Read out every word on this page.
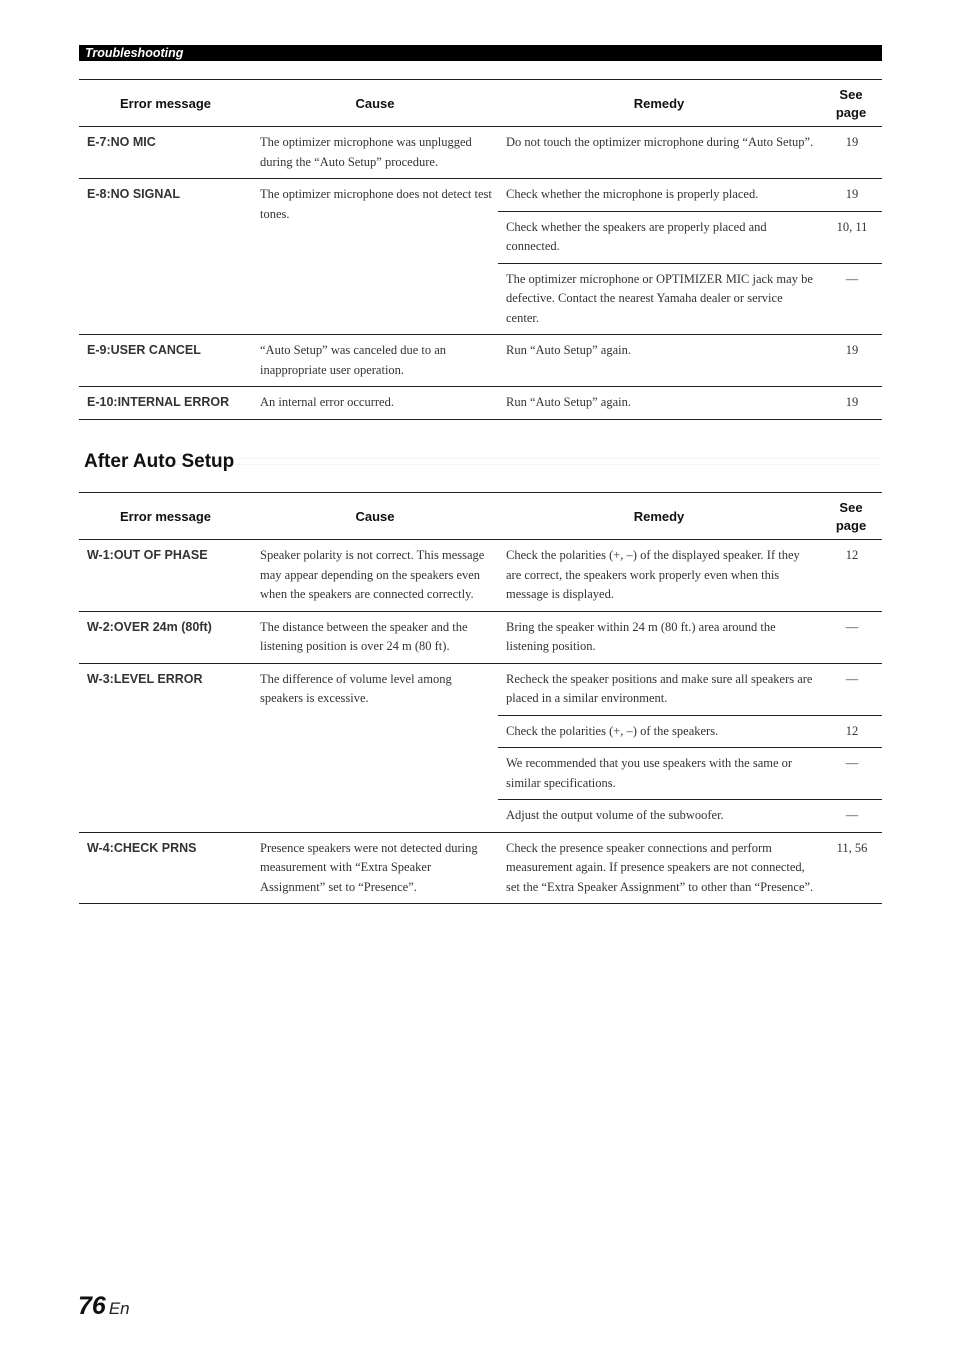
Troubleshooting
Error message	Cause	Remedy	See
page
E-7:NO MIC	The optimizer microphone was unplugged during the “Auto Setup” procedure.	Do not touch the optimizer microphone during “Auto Setup”.	19
E-8:NO SIGNAL	The optimizer microphone does not detect test tones.	Check whether the microphone is properly placed.	19
		Check whether the speakers are properly placed and connected.	10, 11
		The optimizer microphone or OPTIMIZER MIC jack may be defective. Contact the nearest Yamaha dealer or service center.	—
E-9:USER CANCEL	“Auto Setup” was canceled due to an inappropriate user operation.	Run “Auto Setup” again.	19
E-10:INTERNAL ERROR	An internal error occurred.	Run “Auto Setup” again.	19
After Auto Setup
Error message	Cause	Remedy	See
page
W-1:OUT OF PHASE	Speaker polarity is not correct. This message may appear depending on the speakers even when the speakers are connected correctly.	Check the polarities (+, –) of the displayed speaker. If they are correct, the speakers work properly even when this message is displayed.	12
W-2:OVER 24m (80ft)	The distance between the speaker and the listening position is over 24 m (80 ft).	Bring the speaker within 24 m (80 ft.) area around the listening position.	—
W-3:LEVEL ERROR	The difference of volume level among speakers is excessive.	Recheck the speaker positions and make sure all speakers are placed in a similar environment.	—
		Check the polarities (+, –) of the speakers.	12
		We recommended that you use speakers with the same or similar specifications.	—
		Adjust the output volume of the subwoofer.	—
W-4:CHECK PRNS	Presence speakers were not detected during measurement with “Extra Speaker Assignment” set to “Presence”.	Check the presence speaker connections and perform measurement again. If presence speakers are not connected, set the “Extra Speaker Assignment” to other than “Presence”.	11, 56
76 En
